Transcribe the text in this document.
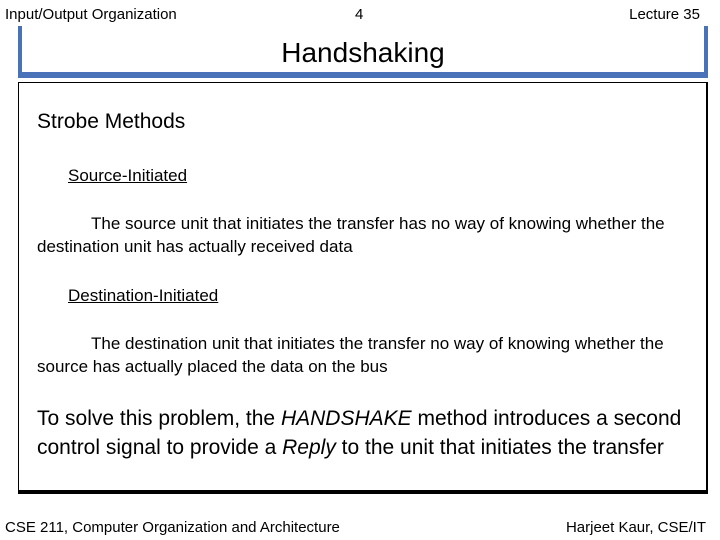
Input/Output Organization	4	Lecture 35
Handshaking
Strobe Methods
Source-Initiated
The source unit that initiates the transfer has no way of knowing whether the destination unit has actually received data
Destination-Initiated
The destination unit that initiates the transfer no way of knowing whether the source has actually placed the data on the bus
To solve this problem, the HANDSHAKE method introduces a second control signal to provide a Reply to the unit that initiates the transfer
CSE 211, Computer Organization and Architecture	Harjeet Kaur, CSE/IT
